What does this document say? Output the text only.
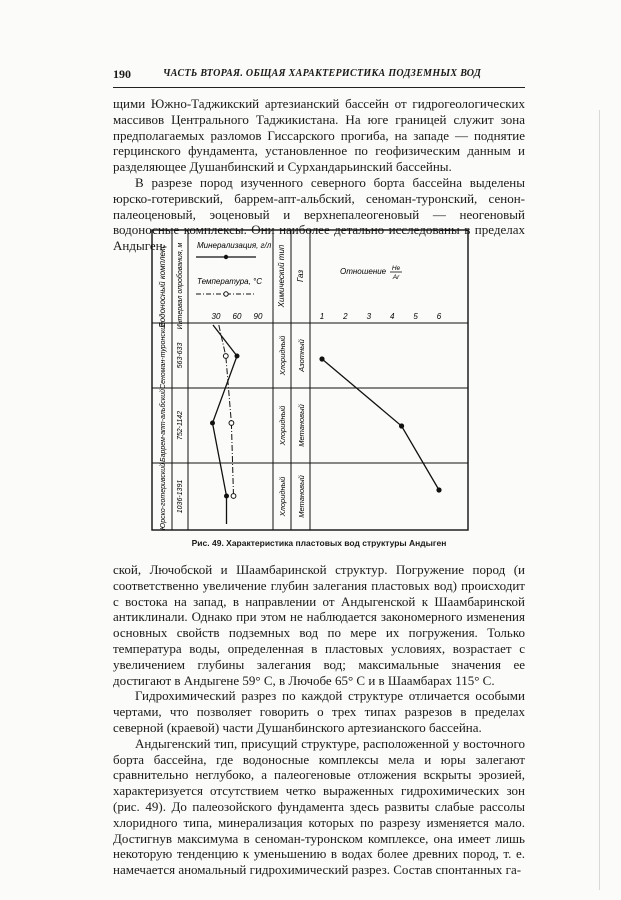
190	ЧАСТЬ ВТОРАЯ. ОБЩАЯ ХАРАКТЕРИСТИКА ПОДЗЕМНЫХ ВОД

щими Южно-Таджикский артезианский бассейн от гидрогеологических массивов Центрального Таджикистана. На юге границей служит зона предполагаемых разломов Гиссарского прогиба, на западе — поднятие герцинского фундамента, установленное по геофизическим данным и разделяющее Душанбинский и Сурхандарьинский бассейны.

В разрезе пород изученного северного борта бассейна выделены юрско-готеривский, баррем-апт-альбский, сеноман-туронский, сенон-палеоценовый, эоценовый и верхнепалеогеновый — неогеновый водоносные комплексы. Они наиболее детально исследованы в пределах Андыген-

Водоносный комплекс Интервал опробования, м	Химический тип Газ
Минерализация, г/л
Температура, °С
Отношение He
Ar
30 60 90	1 2 3 4 5 6
Сеноман-туронский 563-633	Хлоридный Азотный
Баррем-апт-альбский 752-1142	Хлоридный Метановый
Юрско-готеривский 1036-1391	Хлоридный Метановый
Рис. 49. Характеристика пластовых вод структуры Андыген

ской, Лючобской и Шаамбаринской структур. Погружение пород (и соответственно увеличение глубин залегания пластовых вод) происходит с востока на запад, в направлении от Андыгенской к Шаамбаринской антиклинали. Однако при этом не наблюдается закономерного изменения основных свойств подземных вод по мере их погружения. Только температура воды, определенная в пластовых условиях, возрастает с увеличением глубины залегания вод; максимальные значения ее достигают в Андыгене 59° С, в Лючобе 65° С и в Шаамбарах 115° С.

Гидрохимический разрез по каждой структуре отличается особыми чертами, что позволяет говорить о трех типах разрезов в пределах северной (краевой) части Душанбинского артезианского бассейна.

Андыгенский тип, присущий структуре, расположенной у восточного борта бассейна, где водоносные комплексы мела и юры залегают сравнительно неглубоко, а палеогеновые отложения вскрыты эрозией, характеризуется отсутствием четко выраженных гидрохимических зон (рис. 49). До палеозойского фундамента здесь развиты слабые рассолы хлоридного типа, минерализация которых по разрезу изменяется мало. Достигнув максимума в сеноман-туронском комплексе, она имеет лишь некоторую тенденцию к уменьшению в водах более древних пород, т. е. намечается аномальный гидрохимический разрез. Состав спонтанных га-
